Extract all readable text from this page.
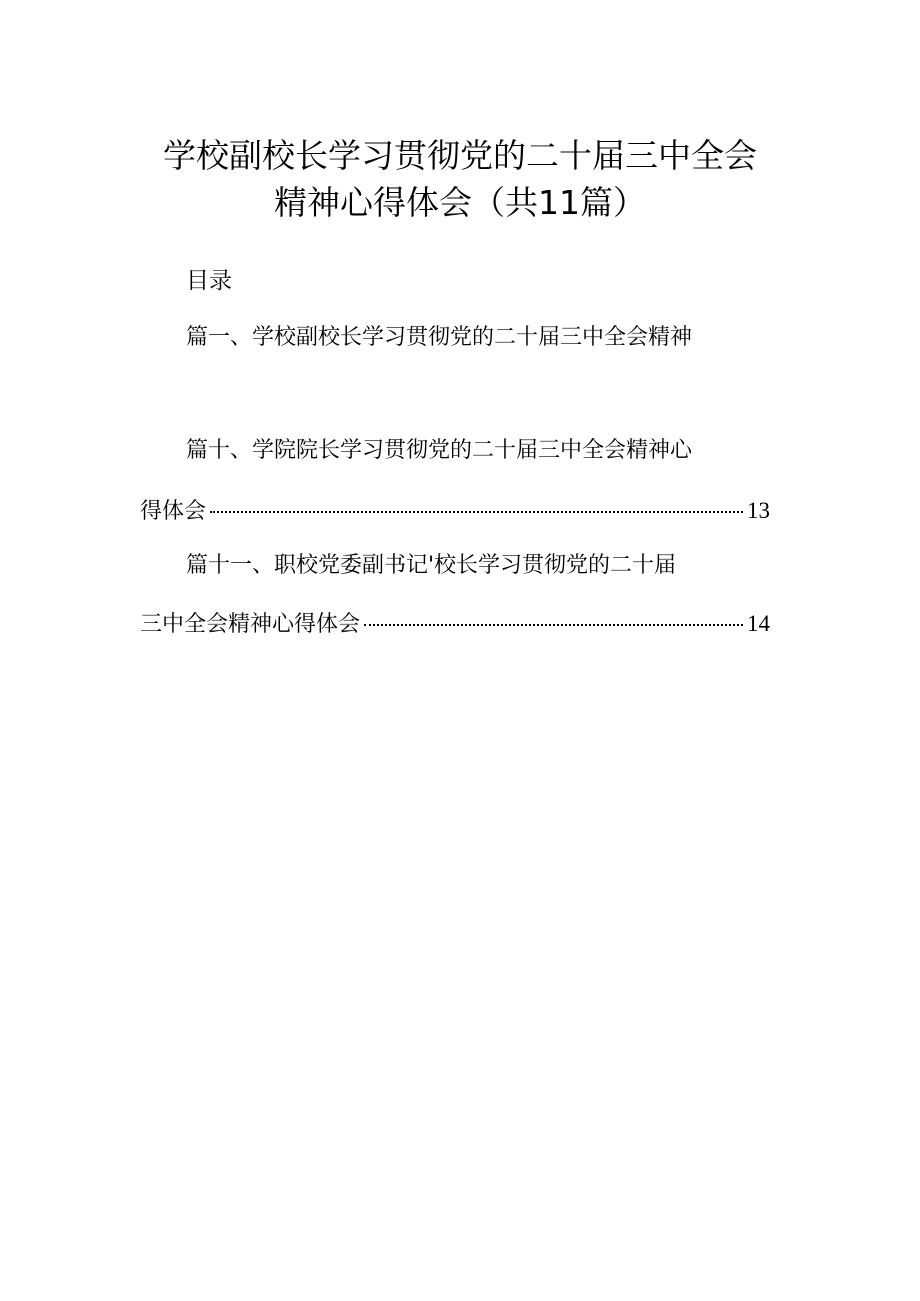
学校副校长学习贯彻党的二十届三中全会
精神心得体会（共11篇）
目录
篇一、学校副校长学习贯彻党的二十届三中全会精神
篇十、学院院长学习贯彻党的二十届三中全会精神心
得体会	13
篇十一、职校党委副书记'校长学习贯彻党的二十届
三中全会精神心得体会	14
